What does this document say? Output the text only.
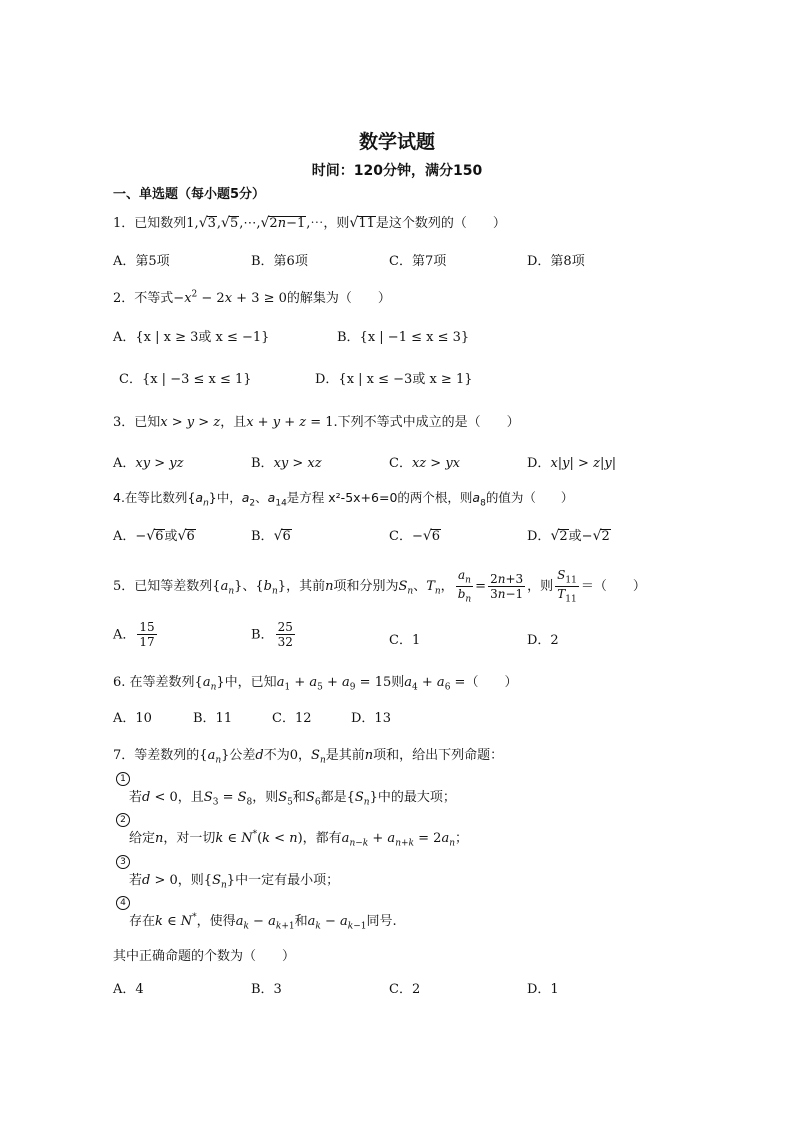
数学试题
时间：120分钟，满分150
一、单选题（每小题5分）
1．已知数列1,√3,√5,⋯,√2n−1,⋯，则√11是这个数列的（　　）
A．第5项	B．第6项	C．第7项	D．第8项
2．不等式$-x^2 - 2x + 3 \ge 0$的解集为（　　）
A．{x | x ≥ 3或 x ≤ −1}	B．{x | −1 ≤ x ≤ 3}
C．{x | −3 ≤ x ≤ 1}	D．{x | x ≤ −3或 x ≥ 1}
3．已知x > y > z，且x + y + z = 1.下列不等式中成立的是（　　）
A．xy > yz	B．xy > xz	C．xz > yx	D．x|y| > z|y|
4.在等比数列$\{a_n\}$中，$a_2$、$a_{14}$是方程 x²-5x+6=0的两个根，则$a_8$的值为（　　）
A．−√6或√6	B．√6	C．−√6	D．√2或−√2
5．已知等差数列$\{a_n\}$、$\{b_n\}$，其前n项和分别为$S_n$、$T_n$， $\frac{a_n}{b_n} = \frac{2n+3}{3n-1}$ ，则 $\frac{S_{11}}{T_{11}}$ ＝（　　）
A． $\frac{15}{17}$	B． $\frac{25}{32}$	C．1	D．2
6. 在等差数列$\{a_n\}$中，已知$a_1 + a_5 + a_9 = 15$则$a_4 + a_6$ =（　　）
A．10	B．11	C．12	D．13
7．等差数列的$\{a_n\}$公差d不为0，$S_n$是其前n项和，给出下列命题：
1
若d < 0，且$S_3 = S_8$，则$S_5$和$S_6$都是$\{S_n\}$中的最大项；
2
给定n，对一切k ∈ N*(k < n)，都有$a_{n-k} + a_{n+k} = 2a_n$；
3
若d > 0，则$\{S_n\}$中一定有最小项；
4
存在k ∈ N*，使得$a_k - a_{k+1}$和$a_k - a_{k-1}$同号.
其中正确命题的个数为（　　）
A．4	B．3	C．2	D．1
